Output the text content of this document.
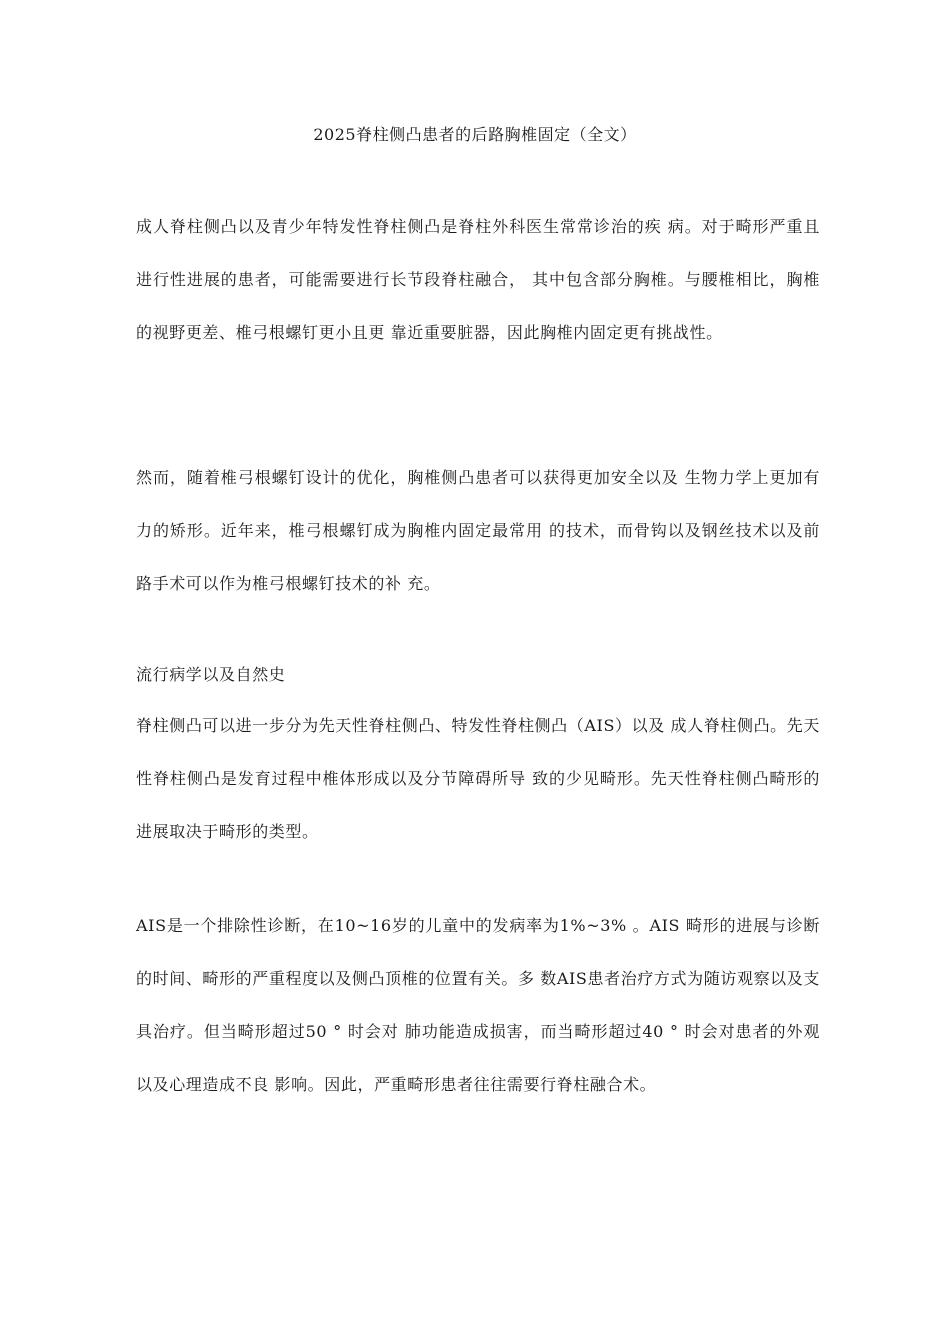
2025脊柱侧凸患者的后路胸椎固定（全文）

成人脊柱侧凸以及青少年特发性脊柱侧凸是脊柱外科医生常常诊治的疾 病。对于畸形严重且进行性进展的患者，可能需要进行长节段脊柱融合， 其中包含部分胸椎。与腰椎相比，胸椎的视野更差、椎弓根螺钉更小且更 靠近重要脏器，因此胸椎内固定更有挑战性。

然而，随着椎弓根螺钉设计的优化，胸椎侧凸患者可以获得更加安全以及 生物力学上更加有力的矫形。近年来，椎弓根螺钉成为胸椎内固定最常用 的技术，而骨钩以及钢丝技术以及前路手术可以作为椎弓根螺钉技术的补 充。

流行病学以及自然史

脊柱侧凸可以进一步分为先天性脊柱侧凸、特发性脊柱侧凸（AIS）以及 成人脊柱侧凸。先天性脊柱侧凸是发育过程中椎体形成以及分节障碍所导 致的少见畸形。先天性脊柱侧凸畸形的进展取决于畸形的类型。

AIS是一个排除性诊断，在10~16岁的儿童中的发病率为1%~3% 。AIS 畸形的进展与诊断的时间、畸形的严重程度以及侧凸顶椎的位置有关。多 数AIS患者治疗方式为随访观察以及支具治疗。但当畸形超过50 ° 时会对 肺功能造成损害，而当畸形超过40 ° 时会对患者的外观以及心理造成不良 影响。因此，严重畸形患者往往需要行脊柱融合术。
